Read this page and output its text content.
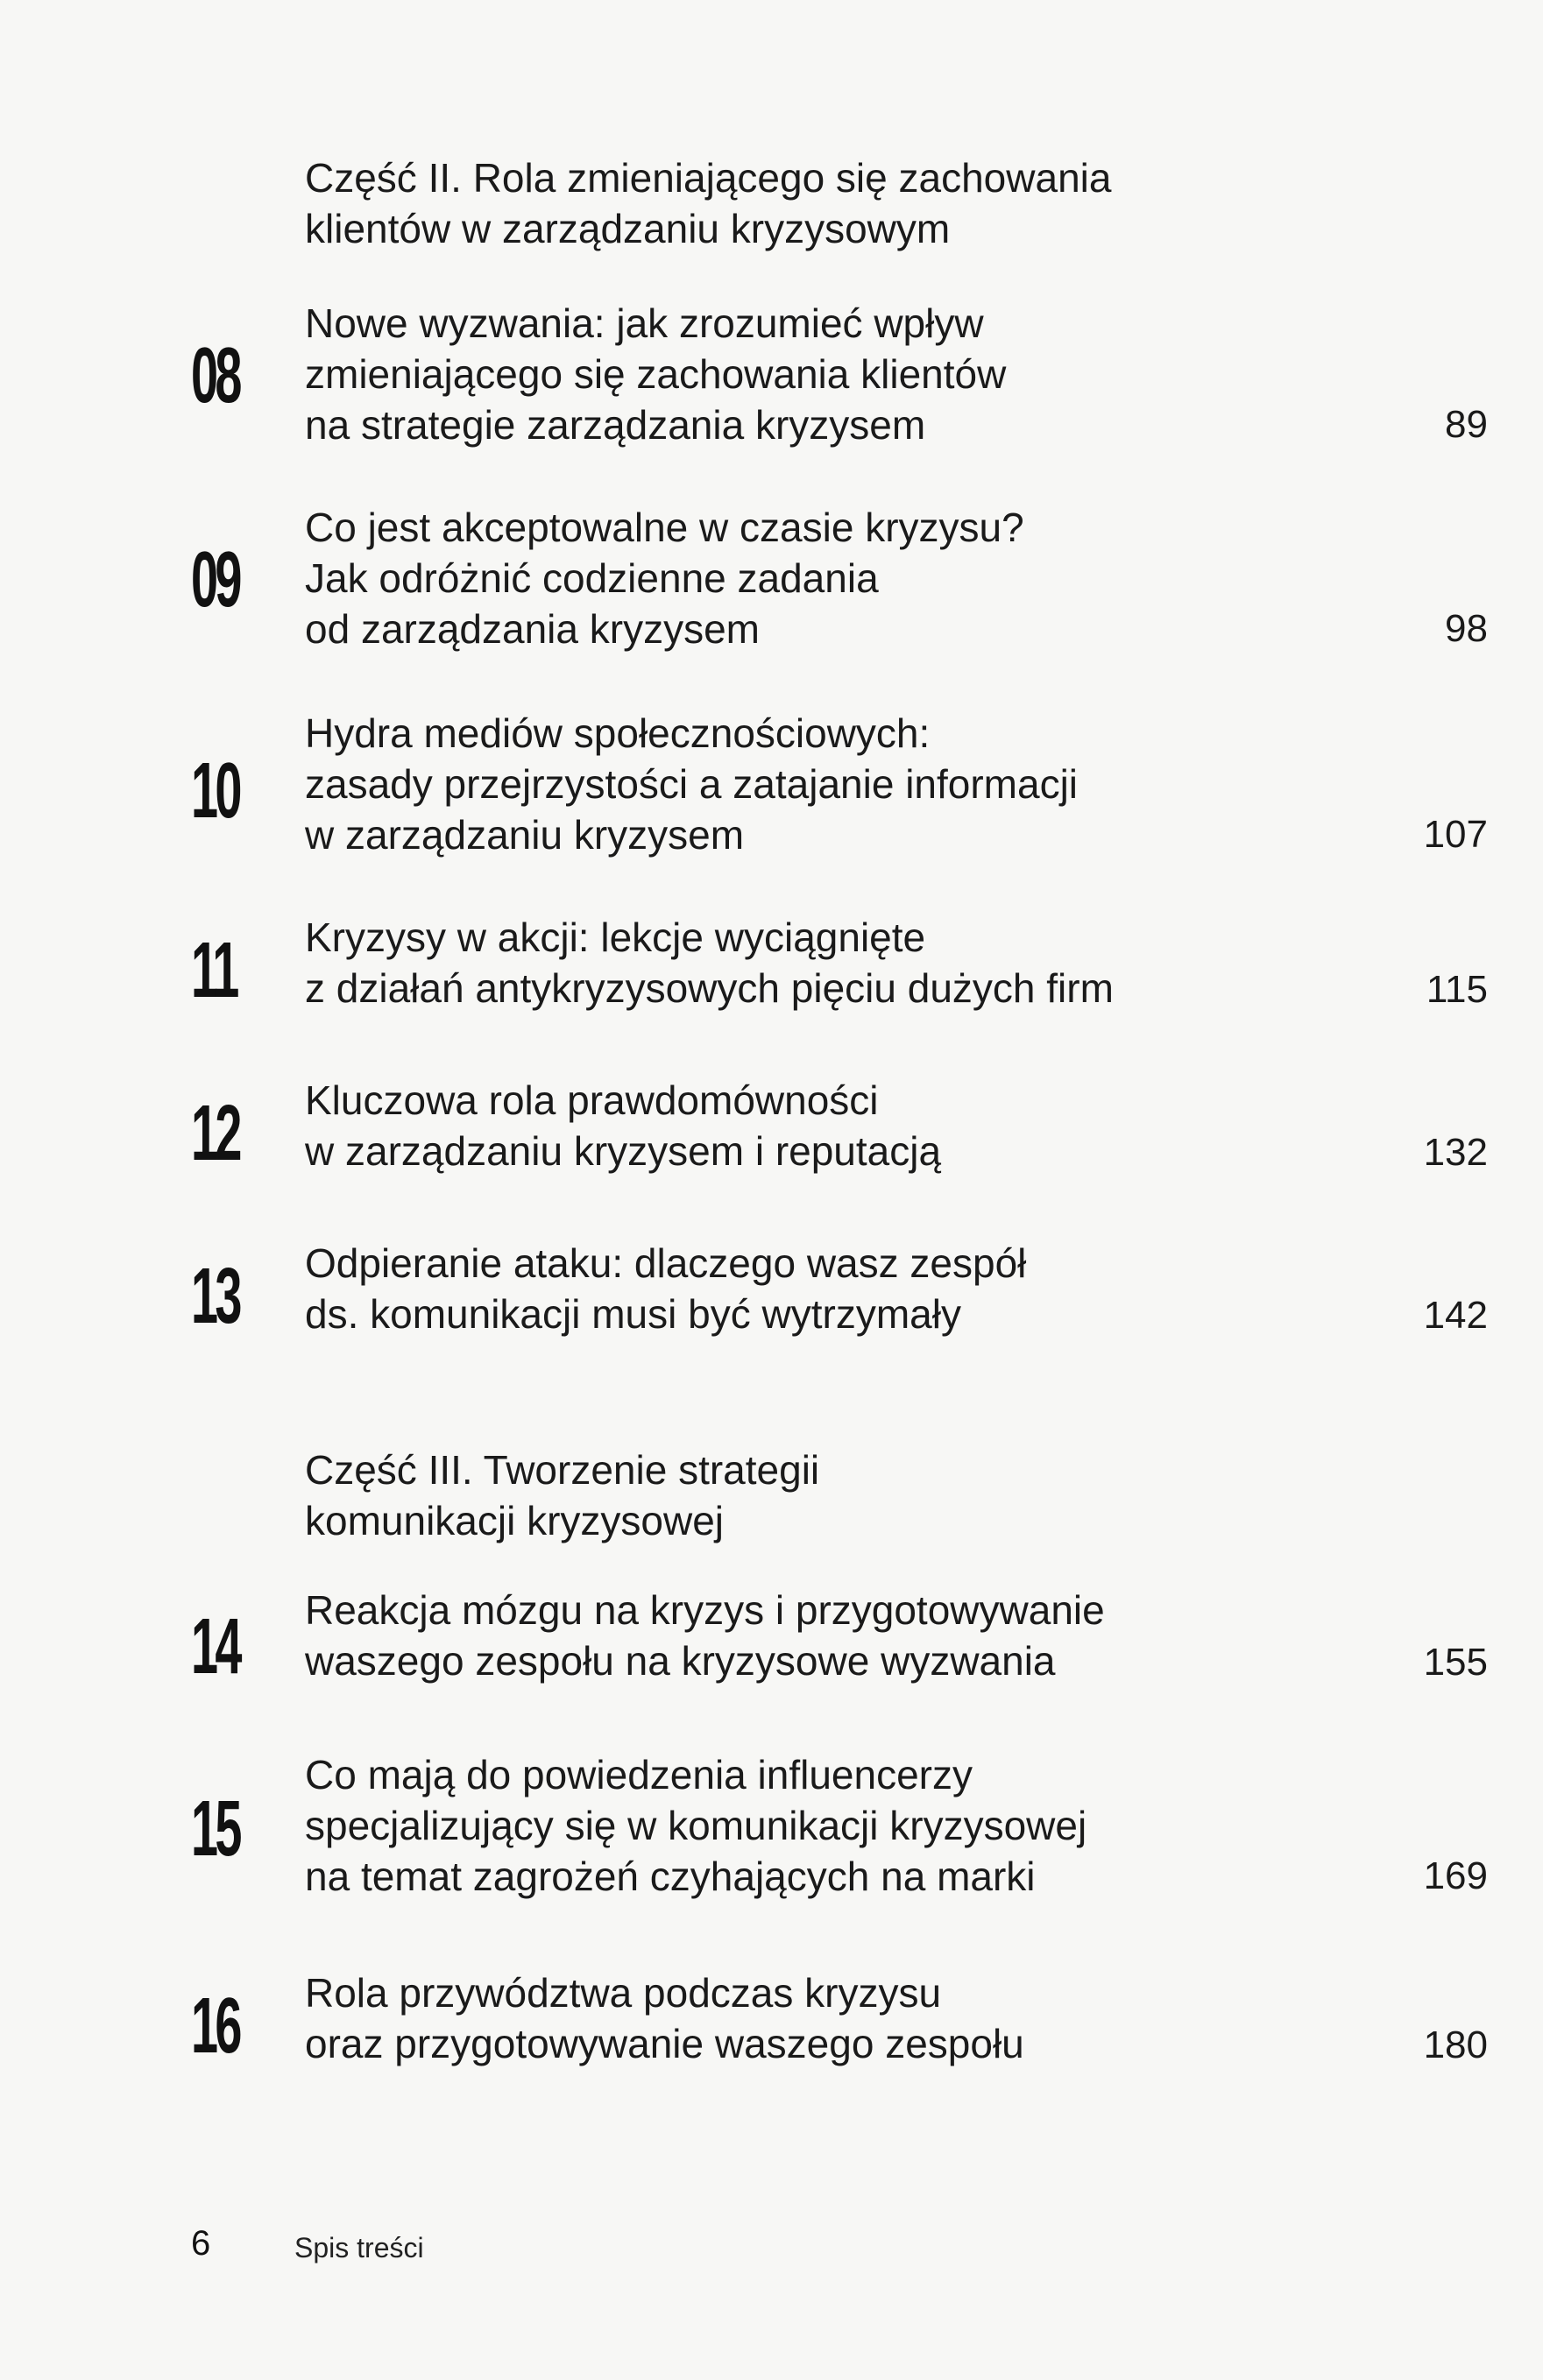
Część II. Rola zmieniającego się zachowania
klientów w zarządzaniu kryzysowym
08
Nowe wyzwania: jak zrozumieć wpływ
zmieniającego się zachowania klientów
na strategie zarządzania kryzysem	89
09
Co jest akceptowalne w czasie kryzysu?
Jak odróżnić codzienne zadania
od zarządzania kryzysem	98
10
Hydra mediów społecznościowych:
zasady przejrzystości a zatajanie informacji
w zarządzaniu kryzysem	107
11 Kryzysy w akcji: lekcje wyciągnięte
z działań antykryzysowych pięciu dużych firm	115
12 Kluczowa rola prawdomówności
w zarządzaniu kryzysem i reputacją	132
13 Odpieranie ataku: dlaczego wasz zespół
ds. komunikacji musi być wytrzymały	142
Część III. Tworzenie strategii
komunikacji kryzysowej
14 Reakcja mózgu na kryzys i przygotowywanie
waszego zespołu na kryzysowe wyzwania	155
15
Co mają do powiedzenia influencerzy
specjalizujący się w komunikacji kryzysowej
na temat zagrożeń czyhających na marki	169
16 Rola przywództwa podczas kryzysu
oraz przygotowywanie waszego zespołu	180
6	Spis treści
